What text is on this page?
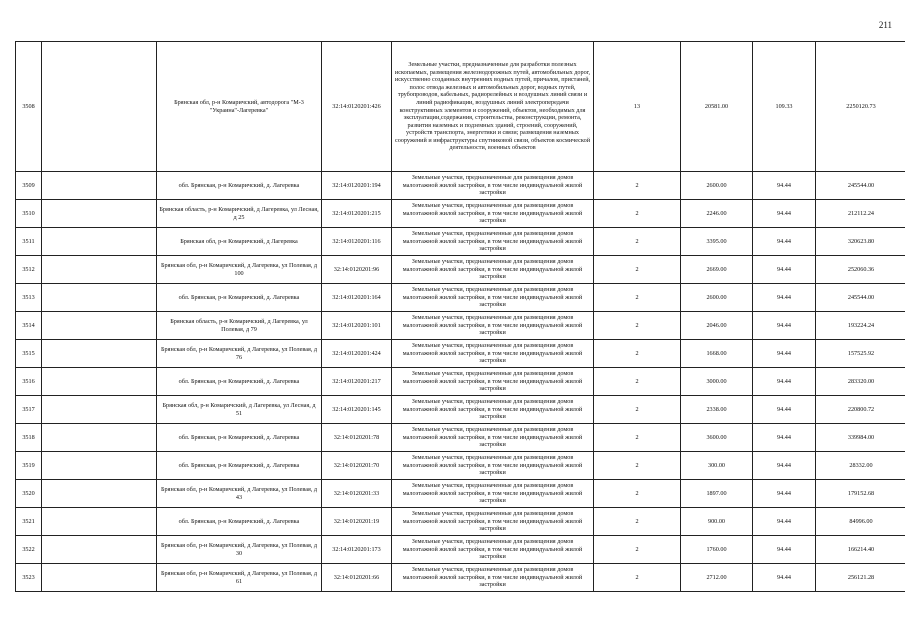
211
3508		Брянская обл, р-н Комаричский, автодорога "М-3 "Украина"-Лагеревка"	32:14:0120201:426	Земельные участки, предназначенные для разработки полезных ископаемых, размещения железнодорожных путей, автомобильных дорог, искусственно созданных внутренних водных путей, причалов, пристаней, полос отвода железных и автомобильных дорог, водных путей, трубопроводов, кабельных, радиорелейных и воздушных линий связи и линий радиофикации, воздушных линий электропередачи конструктивных элементов и сооружений, объектов, необходимых для эксплуатации,содержания, строительства, реконструкции, ремонта, развития наземных и подземных зданий, строений, сооружений, устройств транспорта, энергетики и связи; размещения наземных сооружений и инфраструктуры спутниковой связи, объектов космической деятельности, военных объектов	13	20581.00	109.33	2250120.73
3509		обл. Брянская, р-н Комаричский, д. Лагеревка	32:14:0120201:194	Земельные участки, предназначенные для размещения домов малоэтажной жилой застройки, в том числе индивидуальной жилой застройки	2	2600.00	94.44	245544.00
3510		Брянская область, р-н Комаричский, д Лагеревка, ул Лесная, д 25	32:14:0120201:215	Земельные участки, предназначенные для размещения домов малоэтажной жилой застройки, в том числе индивидуальной жилой застройки	2	2246.00	94.44	212112.24
3511		Брянская обл, р-н Комаричский, д Лагеревка	32:14:0120201:116	Земельные участки, предназначенные для размещения домов малоэтажной жилой застройки, в том числе индивидуальной жилой застройки	2	3395.00	94.44	320623.80
3512		Брянская обл, р-н Комаричский, д Лагеревка, ул Полевая, д 100	32:14:0120201:96	Земельные участки, предназначенные для размещения домов малоэтажной жилой застройки, в том числе индивидуальной жилой застройки	2	2669.00	94.44	252060.36
3513		обл. Брянская, р-н Комаричский, д. Лагеревка	32:14:0120201:164	Земельные участки, предназначенные для размещения домов малоэтажной жилой застройки, в том числе индивидуальной жилой застройки	2	2600.00	94.44	245544.00
3514		Брянская область, р-н Комаричский, д Лагеревка, ул Полевая, д 79	32:14:0120201:101	Земельные участки, предназначенные для размещения домов малоэтажной жилой застройки, в том числе индивидуальной жилой застройки	2	2046.00	94.44	193224.24
3515		Брянская обл, р-н Комаричский, д Лагеревка, ул Полевая, д 76	32:14:0120201:424	Земельные участки, предназначенные для размещения домов малоэтажной жилой застройки, в том числе индивидуальной жилой застройки	2	1668.00	94.44	157525.92
3516		обл. Брянская, р-н Комаричский, д. Лагеревка	32:14:0120201:217	Земельные участки, предназначенные для размещения домов малоэтажной жилой застройки, в том числе индивидуальной жилой застройки	2	3000.00	94.44	283320.00
3517		Брянская обл, р-н Комаричский, д Лагеревка, ул Лесная, д 51	32:14:0120201:145	Земельные участки, предназначенные для размещения домов малоэтажной жилой застройки, в том числе индивидуальной жилой застройки	2	2338.00	94.44	220800.72
3518		обл. Брянская, р-н Комаричский, д. Лагеревка	32:14:0120201:78	Земельные участки, предназначенные для размещения домов малоэтажной жилой застройки, в том числе индивидуальной жилой застройки	2	3600.00	94.44	339984.00
3519		обл. Брянская, р-н Комаричский, д. Лагеревка	32:14:0120201:70	Земельные участки, предназначенные для размещения домов малоэтажной жилой застройки, в том числе индивидуальной жилой застройки	2	300.00	94.44	28332.00
3520		Брянская обл, р-н Комаричский, д Лагеревка, ул Полевая, д 43	32:14:0120201:33	Земельные участки, предназначенные для размещения домов малоэтажной жилой застройки, в том числе индивидуальной жилой застройки	2	1897.00	94.44	179152.68
3521		обл. Брянская, р-н Комаричский, д. Лагеревка	32:14:0120201:19	Земельные участки, предназначенные для размещения домов малоэтажной жилой застройки, в том числе индивидуальной жилой застройки	2	900.00	94.44	84996.00
3522		Брянская обл, р-н Комаричский, д Лагеревка, ул Полевая, д 30	32:14:0120201:173	Земельные участки, предназначенные для размещения домов малоэтажной жилой застройки, в том числе индивидуальной жилой застройки	2	1760.00	94.44	166214.40
3523		Брянская обл, р-н Комаричский, д Лагеревка, ул Полевая, д 61	32:14:0120201:66	Земельные участки, предназначенные для размещения домов малоэтажной жилой застройки, в том числе индивидуальной жилой застройки	2	2712.00	94.44	256121.28
